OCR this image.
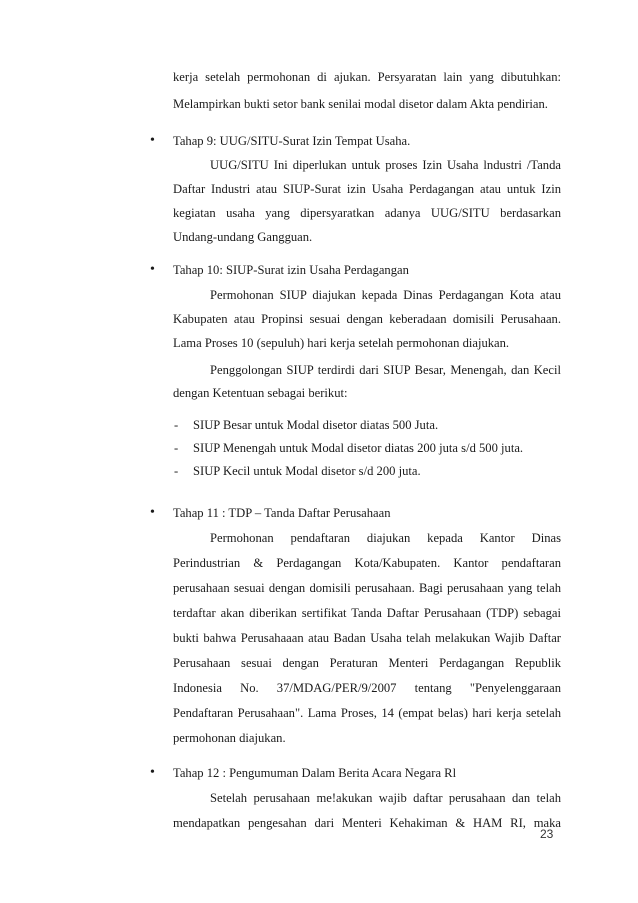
kerja setelah permohonan di ajukan. Persyaratan lain yang dibutuhkan:
Melampirkan bukti setor bank senilai modal disetor dalam Akta pendirian.
•
Tahap 9: UUG/SITU-Surat Izin Tempat Usaha.
UUG/SITU Ini diperlukan untuk proses Izin Usaha lndustri /Tanda
Daftar Industri atau SIUP-Surat izin Usaha Perdagangan atau untuk Izin
kegiatan usaha yang dipersyaratkan adanya UUG/SITU berdasarkan
Undang-undang Gangguan.
•
Tahap 10: SIUP-Surat izin Usaha Perdagangan
Permohonan SIUP diajukan kepada Dinas Perdagangan Kota atau
Kabupaten atau Propinsi sesuai dengan keberadaan domisili Perusahaan.
Lama Proses 10 (sepuluh) hari kerja setelah permohonan diajukan.
Penggolongan SIUP terdirdi dari SIUP Besar, Menengah, dan Kecil
dengan Ketentuan sebagai berikut:
- SIUP Besar untuk Modal disetor diatas 500 Juta.
- SIUP Menengah untuk Modal disetor diatas 200 juta s/d 500 juta.
- SIUP Kecil untuk Modal disetor s/d 200 juta.
•
Tahap 11 : TDP – Tanda Daftar Perusahaan
Permohonan pendaftaran diajukan kepada Kantor Dinas
Perindustrian & Perdagangan Kota/Kabupaten. Kantor pendaftaran
perusahaan sesuai dengan domisili perusahaan. Bagi perusahaan yang telah
terdaftar akan diberikan sertifikat Tanda Daftar Perusahaan (TDP) sebagai
bukti bahwa Perusahaaan atau Badan Usaha telah melakukan Wajib Daftar
Perusahaan sesuai dengan Peraturan Menteri Perdagangan Republik
Indonesia No. 37/MDAG/PER/9/2007 tentang "Penyelenggaraan
Pendaftaran Perusahaan". Lama Proses, 14 (empat belas) hari kerja setelah
permohonan diajukan.
•
Tahap 12 : Pengumuman Dalam Berita Acara Negara Rl
Setelah perusahaan me!akukan wajib daftar perusahaan dan telah
mendapatkan pengesahan dari Menteri Kehakiman & HAM RI, maka
23
